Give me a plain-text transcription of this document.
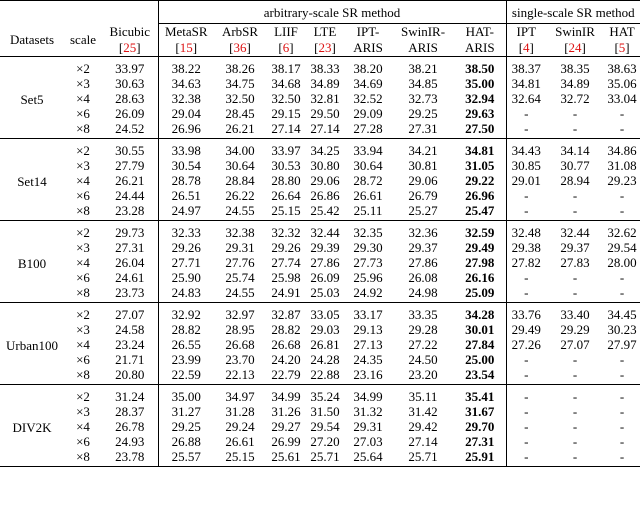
			arbitrary-scale SR method							single-scale SR method		
Datasets	scale	Bicubic	MetaSR	ArbSR	LIIF	LTE	IPT-	SwinIR-	HAT-	IPT	SwinIR	HAT
		[25]	[15]	[36]	[6]	[23]	ARIS	ARIS	ARIS	[4]	[24]	[5]
Set5	×2	33.97	38.22	38.26	38.17	38.33	38.20	38.21	38.50	38.37	38.35	38.63
	×3	30.63	34.63	34.75	34.68	34.89	34.69	34.85	35.00	34.81	34.89	35.06
	×4	28.63	32.38	32.50	32.50	32.81	32.52	32.73	32.94	32.64	32.72	33.04
	×6	26.09	29.04	28.45	29.15	29.50	29.09	29.25	29.63	-	-	-
	×8	24.52	26.96	26.21	27.14	27.14	27.28	27.31	27.50	-	-	-
Set14	×2	30.55	33.98	34.00	33.97	34.25	33.94	34.21	34.81	34.43	34.14	34.86
	×3	27.79	30.54	30.64	30.53	30.80	30.64	30.81	31.05	30.85	30.77	31.08
	×4	26.21	28.78	28.84	28.80	29.06	28.72	29.06	29.22	29.01	28.94	29.23
	×6	24.44	26.51	26.22	26.64	26.86	26.61	26.79	26.96	-	-	-
	×8	23.28	24.97	24.55	25.15	25.42	25.11	25.27	25.47	-	-	-
B100	×2	29.73	32.33	32.38	32.32	32.44	32.35	32.36	32.59	32.48	32.44	32.62
	×3	27.31	29.26	29.31	29.26	29.39	29.30	29.37	29.49	29.38	29.37	29.54
	×4	26.04	27.71	27.76	27.74	27.86	27.73	27.86	27.98	27.82	27.83	28.00
	×6	24.61	25.90	25.74	25.98	26.09	25.96	26.08	26.16	-	-	-
	×8	23.73	24.83	24.55	24.91	25.03	24.92	24.98	25.09	-	-	-
Urban100	×2	27.07	32.92	32.97	32.87	33.05	33.17	33.35	34.28	33.76	33.40	34.45
	×3	24.58	28.82	28.95	28.82	29.03	29.13	29.28	30.01	29.49	29.29	30.23
	×4	23.24	26.55	26.68	26.68	26.81	27.13	27.22	27.84	27.26	27.07	27.97
	×6	21.71	23.99	23.70	24.20	24.28	24.35	24.50	25.00	-	-	-
	×8	20.80	22.59	22.13	22.79	22.88	23.16	23.20	23.54	-	-	-
DIV2K	×2	31.24	35.00	34.97	34.99	35.24	34.99	35.11	35.41	-	-	-
	×3	28.37	31.27	31.28	31.26	31.50	31.32	31.42	31.67	-	-	-
	×4	26.78	29.25	29.24	29.27	29.54	29.31	29.42	29.70	-	-	-
	×6	24.93	26.88	26.61	26.99	27.20	27.03	27.14	27.31	-	-	-
	×8	23.78	25.57	25.15	25.61	25.71	25.64	25.71	25.91	-	-	-
